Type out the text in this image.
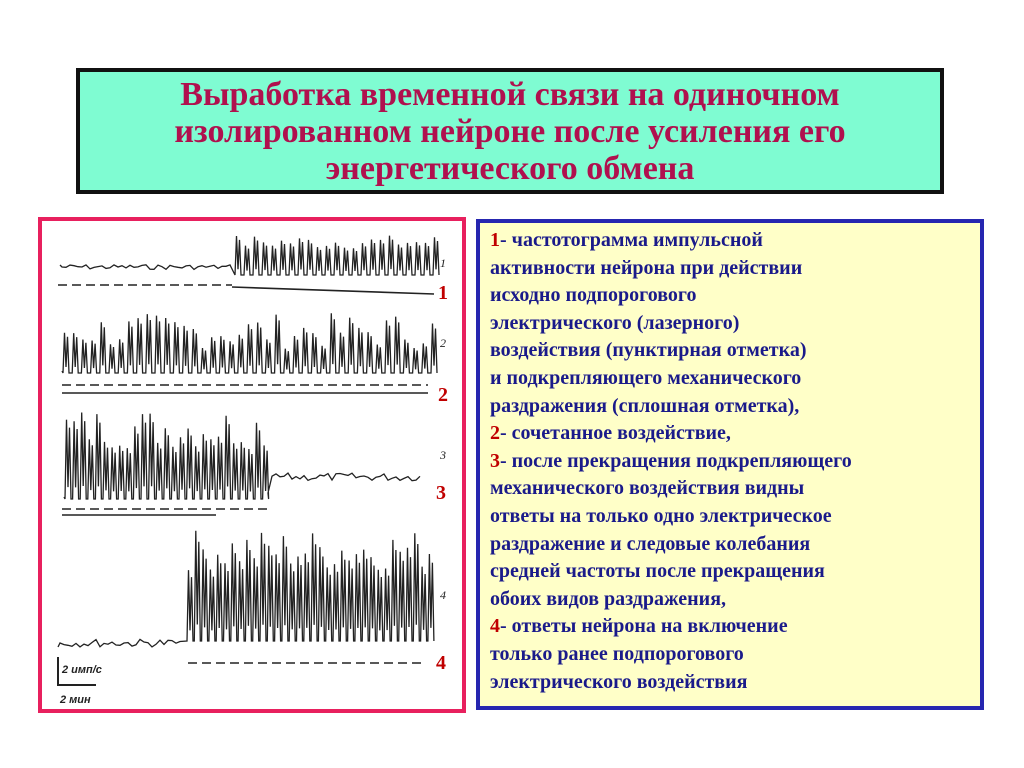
Выработка временной связи на одиночном
изолированном нейроне после усиления его
энергетического обмена
1
1
2
2
3
3
4
4
2 имп/с
2 мин
1- частотограмма импульсной
активности нейрона при действии
исходно подпорогового
электрического (лазерного)
воздействия (пунктирная отметка)
и подкрепляющего механического
раздражения (сплошная отметка),
2- сочетанное воздействие,
3- после прекращения подкрепляющего
механического воздействия видны
ответы на только одно электрическое
раздражение и следовые колебания
средней частоты после прекращения
обоих видов раздражения,
4- ответы нейрона на включение
только ранее подпорогового
электрического воздействия
